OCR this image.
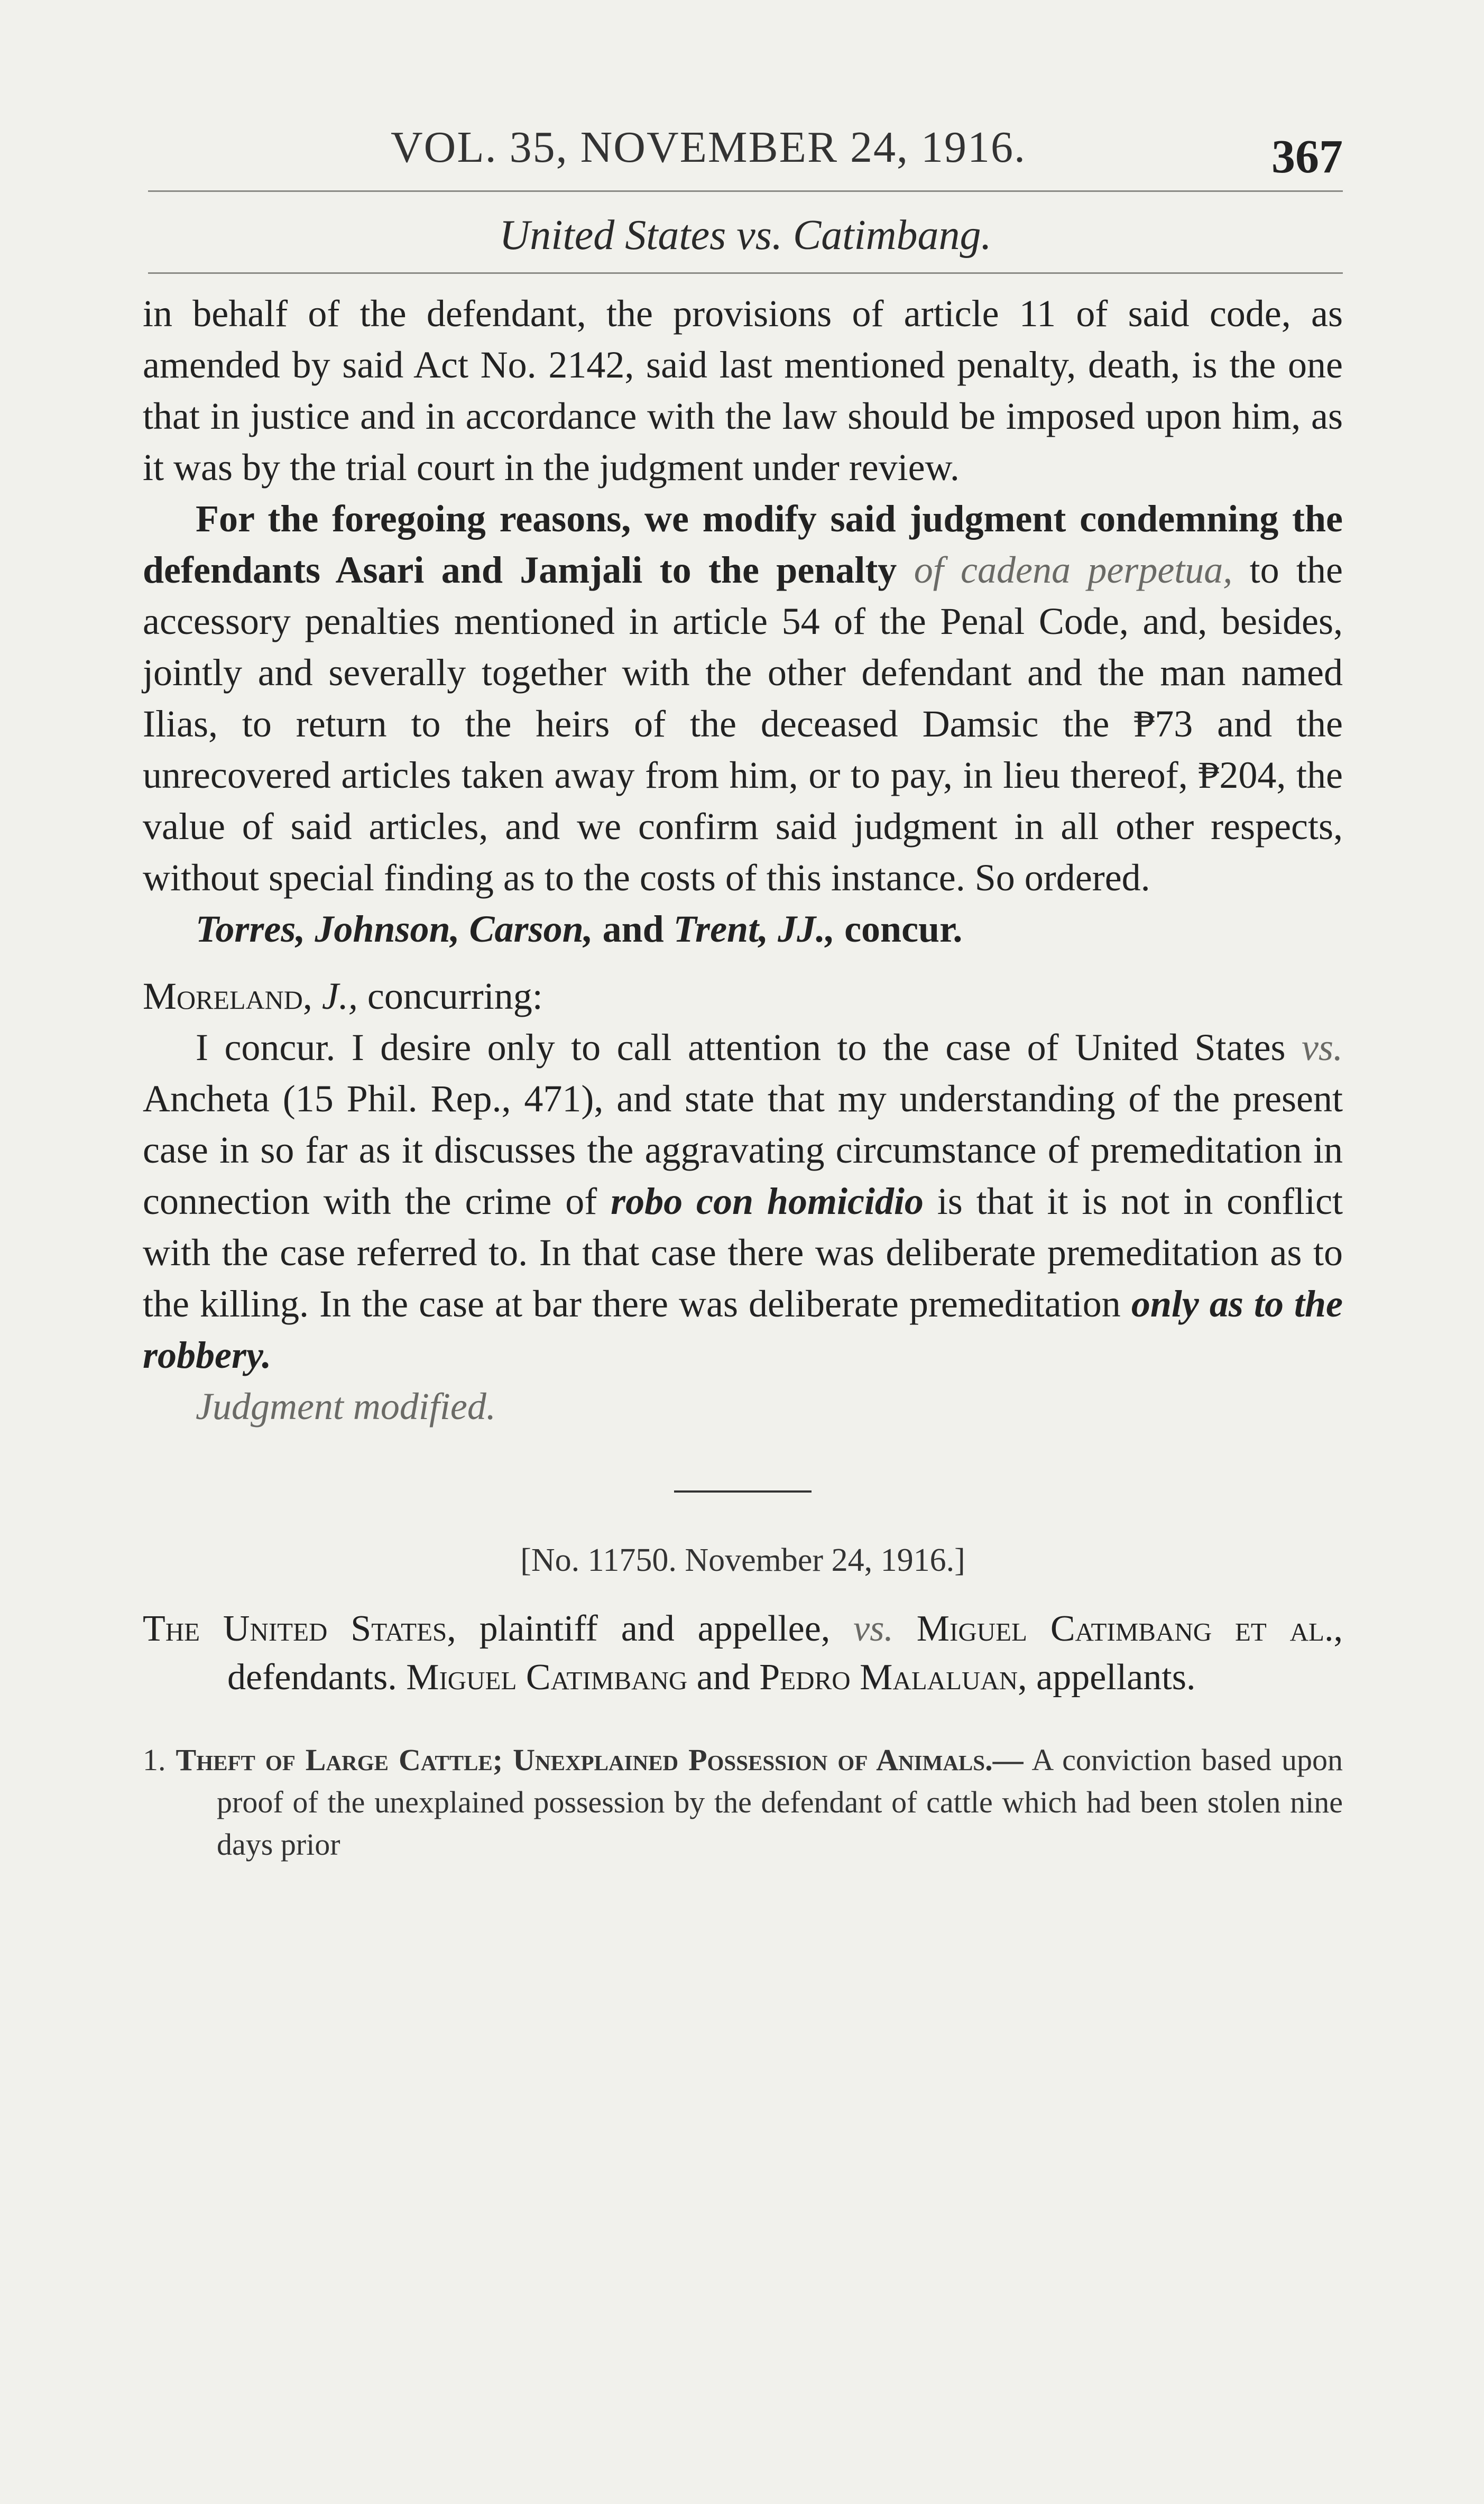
VOL. 35, NOVEMBER 24, 1916.	367
United States vs. Catimbang.

in behalf of the defendant, the provisions of article 11 of said code, as amended by said Act No. 2142, said last mentioned penalty, death, is the one that in justice and in accordance with the law should be imposed upon him, as it was by the trial court in the judgment under review.

For the foregoing reasons, we modify said judgment condemning the defendants Asari and Jamjali to the penalty of cadena perpetua, to the accessory penalties mentioned in article 54 of the Penal Code, and, besides, jointly and severally together with the other defendant and the man named Ilias, to return to the heirs of the deceased Damsic the ₱73 and the unrecovered articles taken away from him, or to pay, in lieu thereof, ₱204, the value of said articles, and we confirm said judgment in all other respects, without special finding as to the costs of this instance. So ordered.

Torres, Johnson, Carson, and Trent, JJ., concur.

Moreland, J., concurring:

I concur. I desire only to call attention to the case of United States vs. Ancheta (15 Phil. Rep., 471), and state that my understanding of the present case in so far as it discusses the aggravating circumstance of premeditation in connection with the crime of robo con homicidio is that it is not in conflict with the case referred to. In that case there was deliberate premeditation as to the killing. In the case at bar there was deliberate premeditation only as to the robbery.

Judgment modified.

[No. 11750. November 24, 1916.]

The United States, plaintiff and appellee, vs. Miguel Catimbang et al., defendants. Miguel Catimbang and Pedro Malaluan, appellants.

1. Theft of Large Cattle; Unexplained Possession of Animals.— A conviction based upon proof of the unexplained possession by the defendant of cattle which had been stolen nine days prior
